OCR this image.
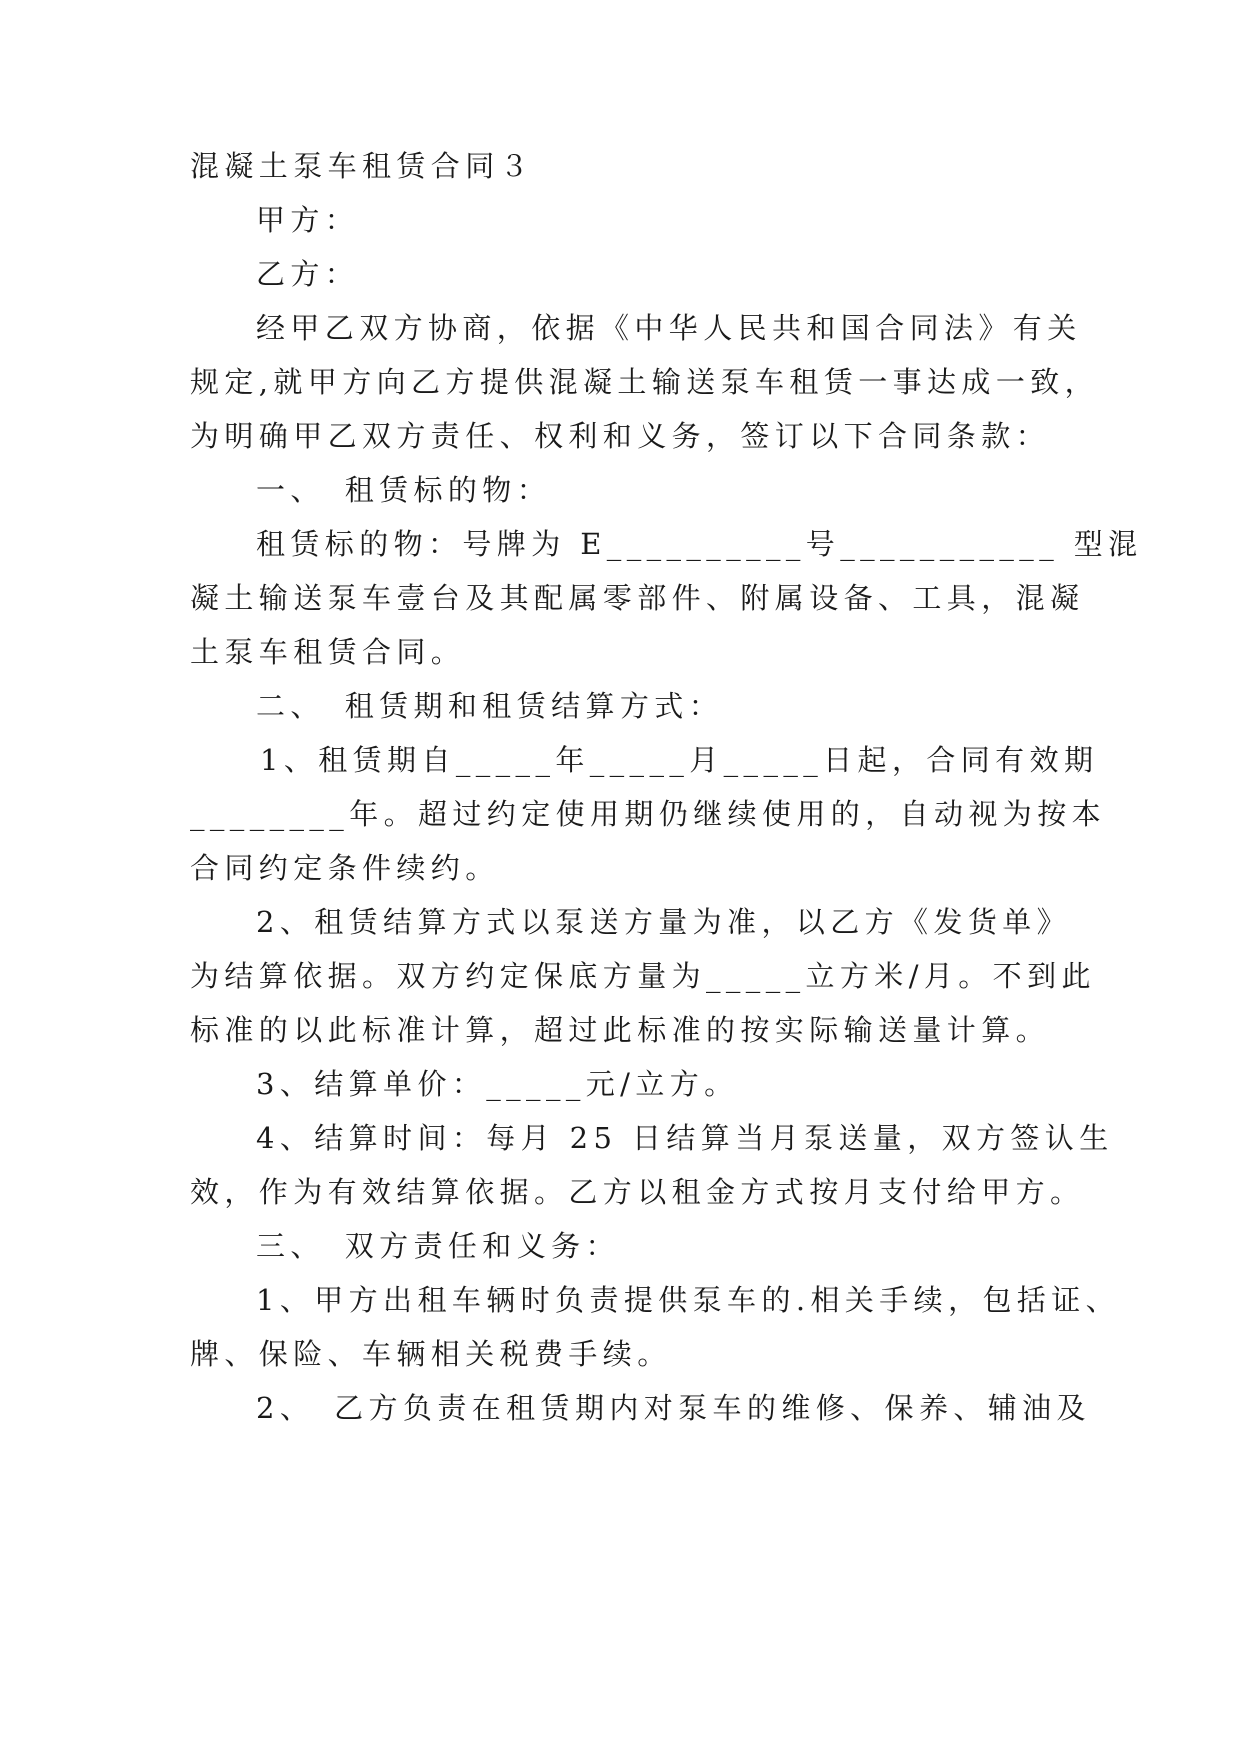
混凝土泵车租赁合同３
甲方：
乙方：
经甲乙双方协商，依据《中华人民共和国合同法》有关
规定,就甲方向乙方提供混凝土输送泵车租赁一事达成一致，
为明确甲乙双方责任、权利和义务，签订以下合同条款：
一、　租赁标的物：
租赁标的物：号牌为 E__________号___________ 型混
凝土输送泵车壹台及其配属零部件、附属设备、工具，混凝
土泵车租赁合同。
二、　租赁期和租赁结算方式：
1、租赁期自_____年_____月_____日起，合同有效期
________年。超过约定使用期仍继续使用的，自动视为按本
合同约定条件续约。
2、租赁结算方式以泵送方量为准，以乙方《发货单》
为结算依据。双方约定保底方量为_____立方米/月。不到此
标准的以此标准计算，超过此标准的按实际输送量计算。
3、结算单价：_____元/立方。
4、结算时间：每月 25 日结算当月泵送量，双方签认生
效，作为有效结算依据。乙方以租金方式按月支付给甲方。
三、　双方责任和义务：
1、甲方出租车辆时负责提供泵车的.相关手续，包括证、
牌、保险、车辆相关税费手续。
2、　乙方负责在租赁期内对泵车的维修、保养、辅油及
